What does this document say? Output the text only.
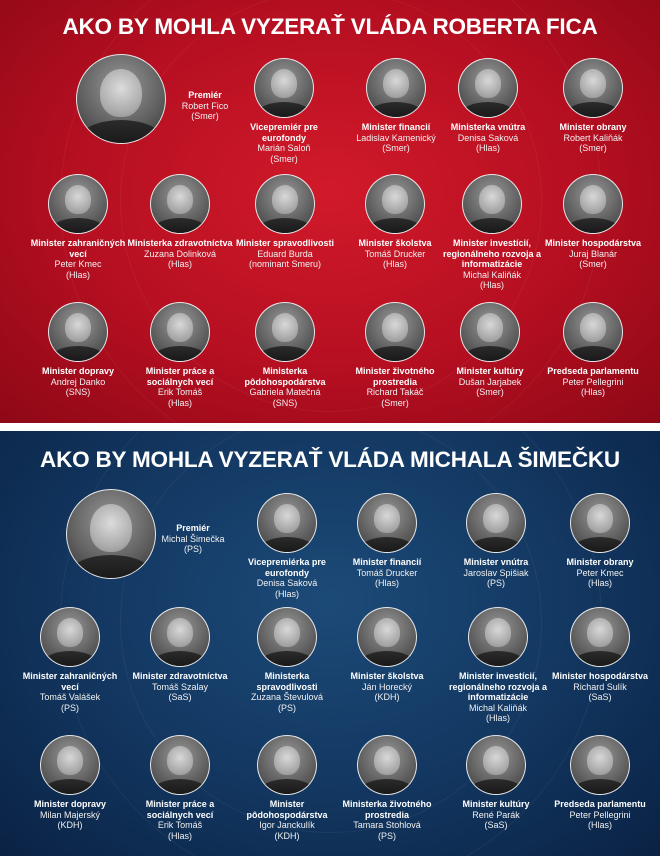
AKO BY MOHLA VYZERAŤ VLÁDA ROBERTA FICA
Premiér
Robert Fico
(Smer)
Vicepremiér pre eurofondy
Marián Saloň
(Smer)
Minister financií
Ladislav Kamenický
(Smer)
Ministerka vnútra
Denisa Saková
(Hlas)
Minister obrany
Robert Kaliňák
(Smer)
Minister zahraničných vecí
Peter Kmec
(Hlas)
Ministerka zdravotníctva
Zuzana Dolinková
(Hlas)
Minister spravodlivosti
Eduard Burda
(nominant Smeru)
Minister školstva
Tomáš Drucker
(Hlas)
Minister investícií, regionálneho rozvoja a informatizácie
Michal Kaliňák
(Hlas)
Minister hospodárstva
Juraj Blanár
(Smer)
Minister dopravy
Andrej Danko
(SNS)
Minister práce a sociálnych vecí
Erik Tomáš
(Hlas)
Ministerka pôdohospodárstva
Gabriela Matečná
(SNS)
Minister životného prostredia
Richard Takáč
(Smer)
Minister kultúry
Dušan Jarjabek
(Smer)
Predseda parlamentu
Peter Pellegrini
(Hlas)
AKO BY MOHLA VYZERAŤ VLÁDA MICHALA ŠIMEČKU
Premiér
Michal Šimečka
(PS)
Vicepremiérka pre eurofondy
Denisa Saková
(Hlas)
Minister financií
Tomáš Drucker
(Hlas)
Minister vnútra
Jaroslav Spišiak
(PS)
Minister obrany
Peter Kmec
(Hlas)
Minister zahraničných vecí
Tomáš Valášek
(PS)
Minister zdravotníctva
Tomáš Szalay
(SaS)
Ministerka spravodlivosti
Zuzana Števulová
(PS)
Minister školstva
Ján Horecký
(KDH)
Minister investícií, regionálneho rozvoja a informatizácie
Michal Kaliňák
(Hlas)
Minister hospodárstva
Richard Sulík
(SaS)
Minister dopravy
Milan Majerský
(KDH)
Minister práce a sociálnych vecí
Erik Tomáš
(Hlas)
Minister pôdohospodárstva
Igor Janckulík
(KDH)
Ministerka životného prostredia
Tamara Stohlová
(PS)
Minister kultúry
René Parák
(SaS)
Predseda parlamentu
Peter Pellegrini
(Hlas)
